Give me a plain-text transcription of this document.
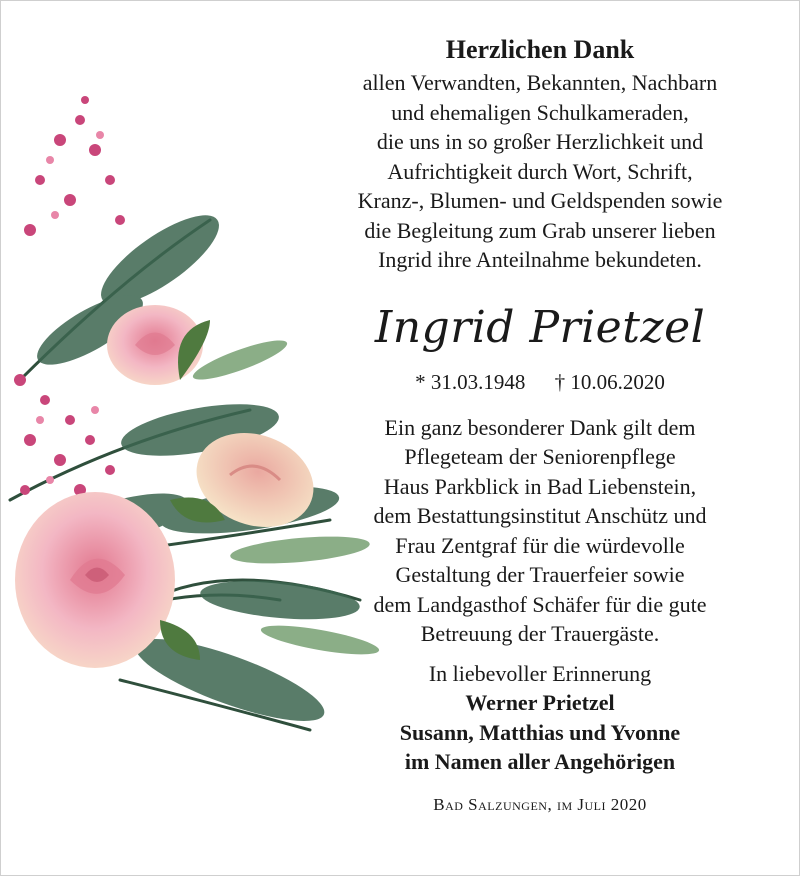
Herzlichen Dank

allen Verwandten, Bekannten, Nachbarn
und ehemaligen Schulkameraden,
die uns in so großer Herzlichkeit und
Aufrichtigkeit durch Wort, Schrift,
Kranz-, Blumen- und Geldspenden sowie
die Begleitung zum Grab unserer lieben
Ingrid ihre Anteilnahme bekundeten.

Ingrid Prietzel
* 31.03.1948 † 10.06.2020

Ein ganz besonderer Dank gilt dem
Pflegeteam der Seniorenpflege
Haus Parkblick in Bad Liebenstein,
dem Bestattungsinstitut Anschütz und
Frau Zentgraf für die würdevolle
Gestaltung der Trauerfeier sowie
dem Landgasthof Schäfer für die gute
Betreuung der Trauergäste.

In liebevoller Erinnerung

Werner Prietzel
Susann, Matthias und Yvonne
im Namen aller Angehörigen

Bad Salzungen, im Juli 2020
